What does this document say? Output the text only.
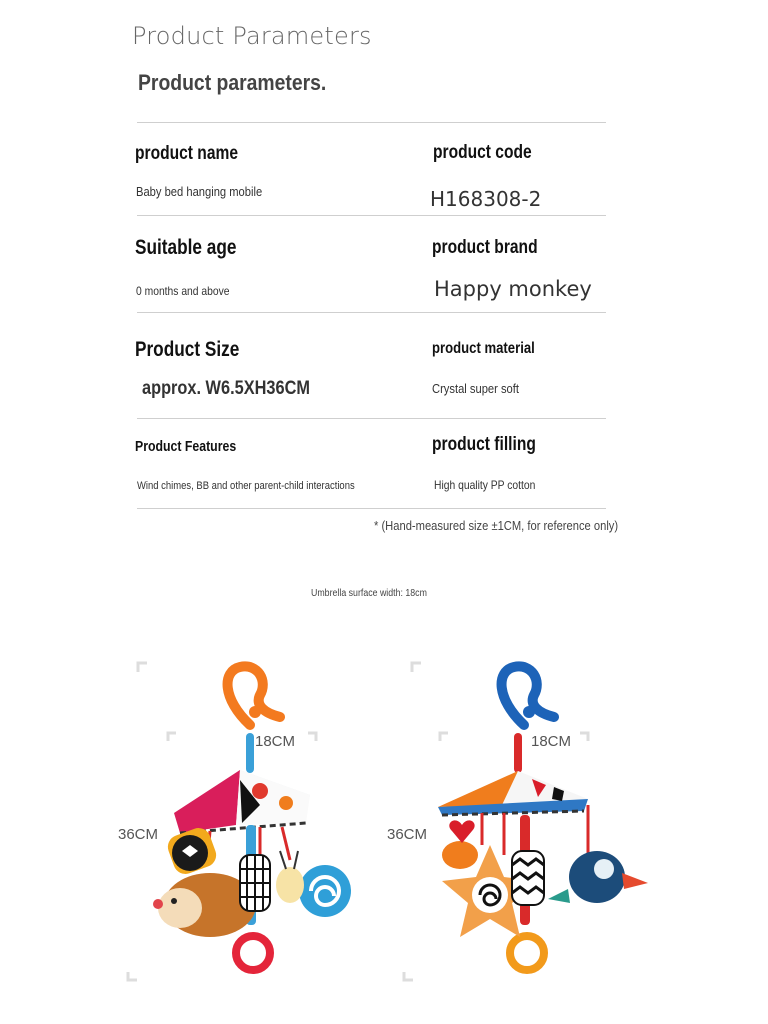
Product Parameters
Product parameters.
product name	product code
Baby bed hanging mobile	H168308-2
Suitable age	product brand
0 months and above	Happy monkey
Product Size	product material
approx. W6.5XH36CM	Crystal super soft
Product Features	product filling
Wind chimes, BB and other parent-child interactions	High quality PP cotton
* (Hand-measured size ±1CM, for reference only)
Umbrella surface width: 18cm
18CM
36CM
18CM
36CM
